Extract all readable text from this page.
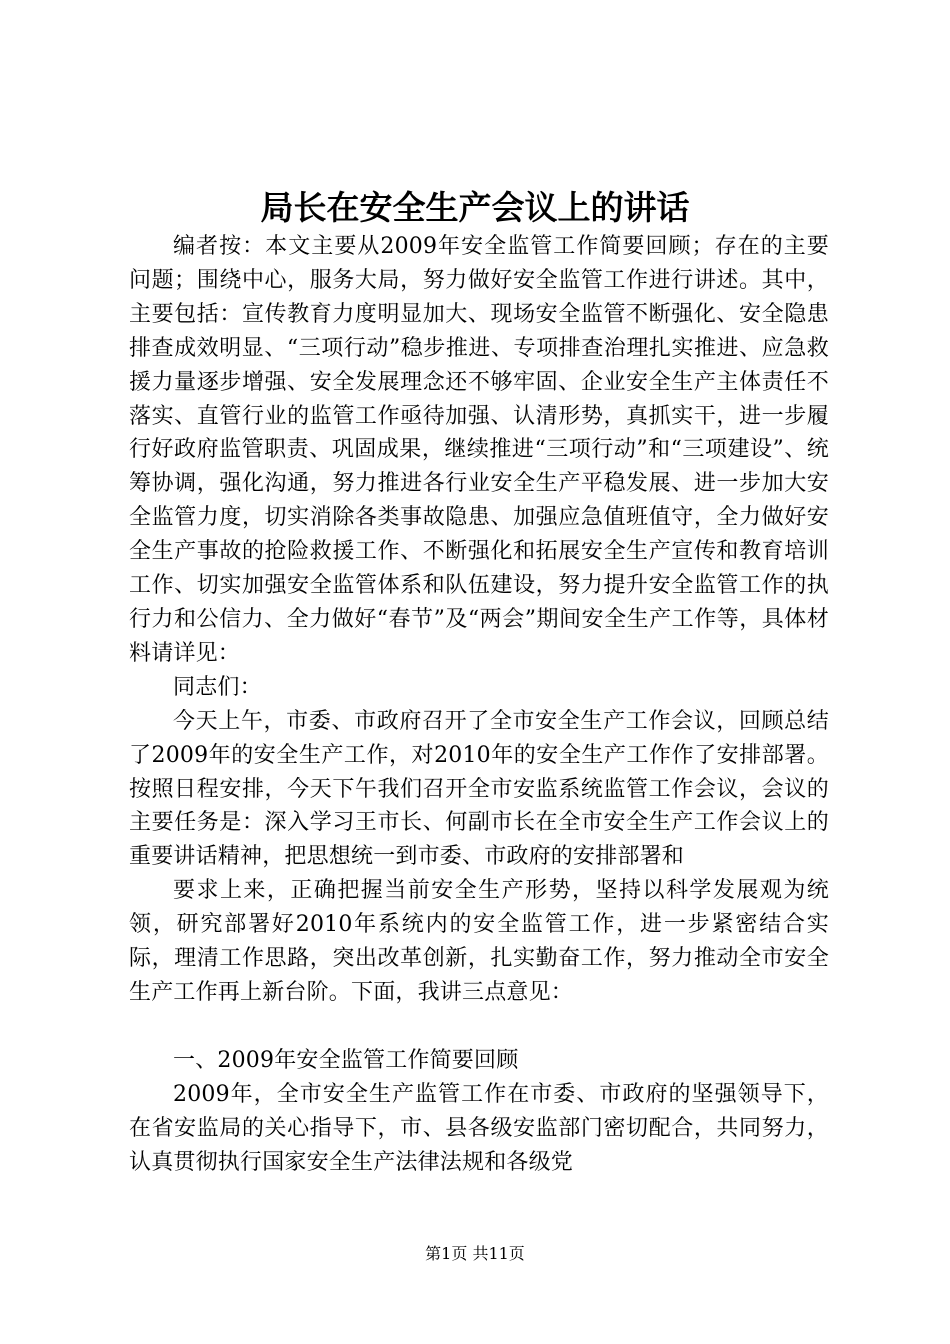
局长在安全生产会议上的讲话

编者按：本文主要从2009年安全监管工作简要回顾；存在的主要问题；围绕中心，服务大局，努力做好安全监管工作进行讲述。其中，主要包括：宣传教育力度明显加大、现场安全监管不断强化、安全隐患排查成效明显、“三项行动”稳步推进、专项排查治理扎实推进、应急救援力量逐步增强、安全发展理念还不够牢固、企业安全生产主体责任不落实、直管行业的监管工作亟待加强、认清形势，真抓实干，进一步履行好政府监管职责、巩固成果，继续推进“三项行动”和“三项建设”、统筹协调，强化沟通，努力推进各行业安全生产平稳发展、进一步加大安全监管力度，切实消除各类事故隐患、加强应急值班值守，全力做好安全生产事故的抢险救援工作、不断强化和拓展安全生产宣传和教育培训工作、切实加强安全监管体系和队伍建设，努力提升安全监管工作的执行力和公信力、全力做好“春节”及“两会”期间安全生产工作等，具体材料请详见：

同志们：

今天上午，市委、市政府召开了全市安全生产工作会议，回顾总结了2009年的安全生产工作，对2010年的安全生产工作作了安排部署。按照日程安排，今天下午我们召开全市安监系统监管工作会议，会议的主要任务是：深入学习王市长、何副市长在全市安全生产工作会议上的重要讲话精神，把思想统一到市委、市政府的安排部署和

要求上来，正确把握当前安全生产形势，坚持以科学发展观为统领，研究部署好2010年系统内的安全监管工作，进一步紧密结合实际，理清工作思路，突出改革创新，扎实勤奋工作，努力推动全市安全生产工作再上新台阶。下面，我讲三点意见：

一、2009年安全监管工作简要回顾

2009年，全市安全生产监管工作在市委、市政府的坚强领导下，在省安监局的关心指导下，市、县各级安监部门密切配合，共同努力，认真贯彻执行国家安全生产法律法规和各级党

第1页 共11页
